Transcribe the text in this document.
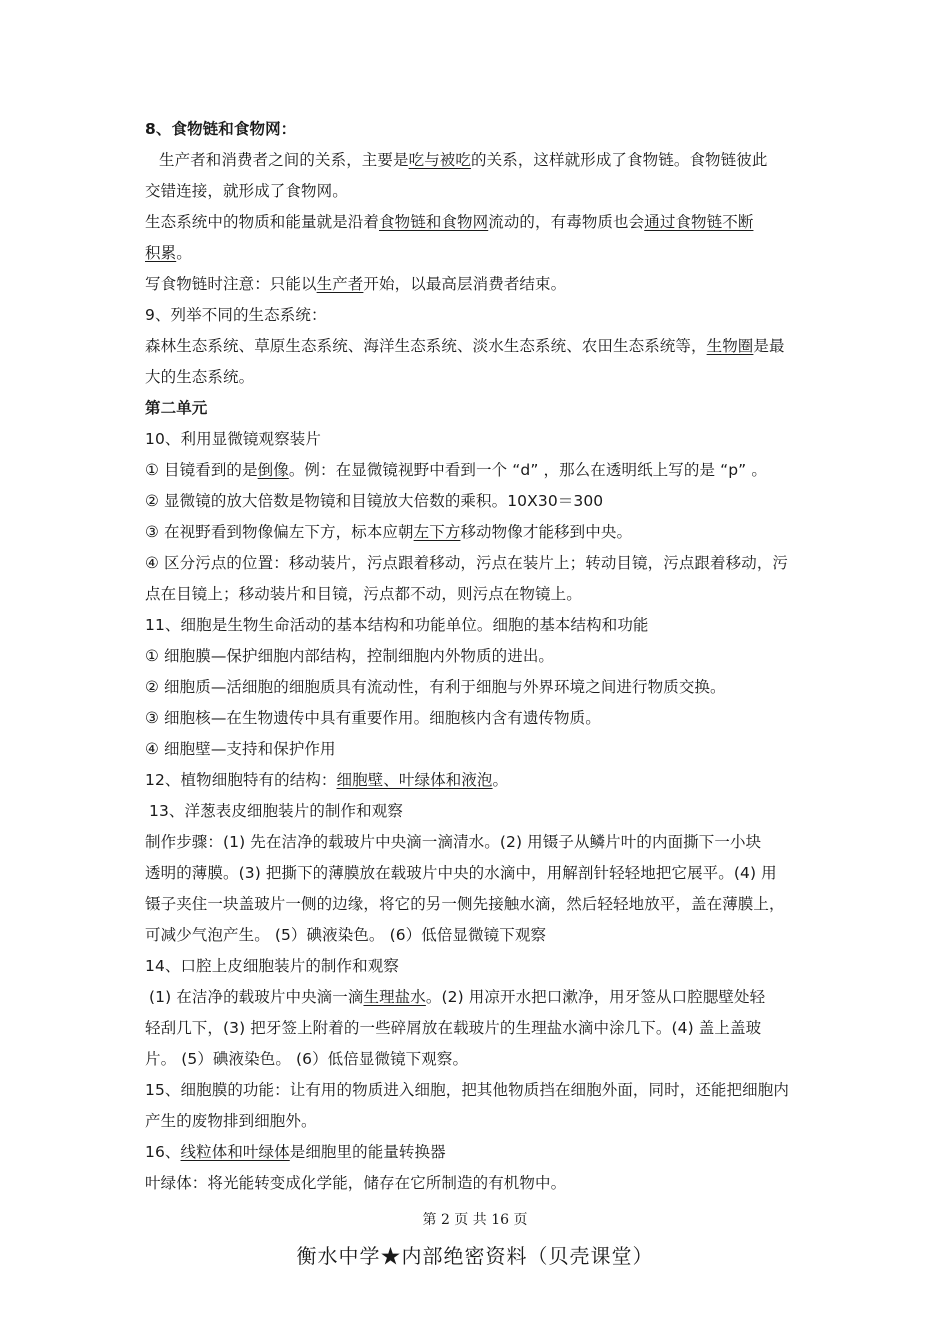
8、食物链和食物网：
生产者和消费者之间的关系，主要是吃与被吃的关系，这样就形成了食物链。食物链彼此
交错连接，就形成了食物网。
生态系统中的物质和能量就是沿着食物链和食物网流动的，有毒物质也会通过食物链不断
积累。
写食物链时注意：只能以生产者开始，以最高层消费者结束。
9、列举不同的生态系统：
森林生态系统、草原生态系统、海洋生态系统、淡水生态系统、农田生态系统等，生物圈是最
大的生态系统。
第二单元
10、利用显微镜观察装片
① 目镜看到的是倒像。例：在显微镜视野中看到一个 “d” ，那么在透明纸上写的是 “p” 。
② 显微镜的放大倍数是物镜和目镜放大倍数的乘积。10X30＝300
③ 在视野看到物像偏左下方，标本应朝左下方移动物像才能移到中央。
④ 区分污点的位置：移动装片，污点跟着移动，污点在装片上；转动目镜，污点跟着移动，污
点在目镜上；移动装片和目镜，污点都不动，则污点在物镜上。
11、细胞是生物生命活动的基本结构和功能单位。细胞的基本结构和功能
① 细胞膜—保护细胞内部结构，控制细胞内外物质的进出。
② 细胞质—活细胞的细胞质具有流动性，有利于细胞与外界环境之间进行物质交换。
③ 细胞核—在生物遗传中具有重要作用。细胞核内含有遗传物质。
④ 细胞壁—支持和保护作用
12、植物细胞特有的结构：细胞壁、叶绿体和液泡。
13、洋葱表皮细胞装片的制作和观察
制作步骤：(1) 先在洁净的载玻片中央滴一滴清水。(2) 用镊子从鳞片叶的内面撕下一小块
透明的薄膜。(3) 把撕下的薄膜放在载玻片中央的水滴中，用解剖针轻轻地把它展平。(4) 用
镊子夹住一块盖玻片一侧的边缘，将它的另一侧先接触水滴，然后轻轻地放平，盖在薄膜上，
可减少气泡产生。 (5）碘液染色。 (6）低倍显微镜下观察
14、口腔上皮细胞装片的制作和观察
(1) 在洁净的载玻片中央滴一滴生理盐水。(2) 用凉开水把口漱净，用牙签从口腔腮壁处轻
轻刮几下，(3) 把牙签上附着的一些碎屑放在载玻片的生理盐水滴中涂几下。(4) 盖上盖玻
片。 (5）碘液染色。 (6）低倍显微镜下观察。
15、细胞膜的功能：让有用的物质进入细胞，把其他物质挡在细胞外面，同时，还能把细胞内
产生的废物排到细胞外。
16、线粒体和叶绿体是细胞里的能量转换器
叶绿体：将光能转变成化学能，储存在它所制造的有机物中。
第 2 页 共 16 页
衡水中学★内部绝密资料（贝壳课堂）
